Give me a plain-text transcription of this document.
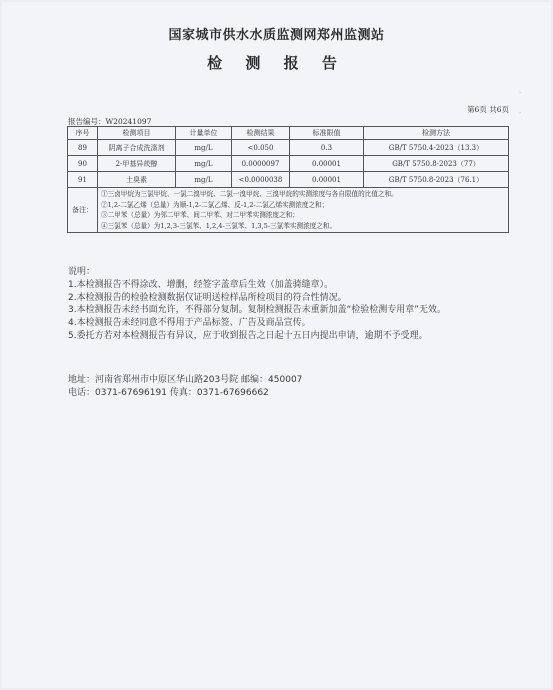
国家城市供水水质监测网郑州监测站
检 测 报 告
第6页 共6页
报告编号：W20241097
序号	检测项目	计量单位	检测结果	标准限值	检测方法
89	阴离子合成洗涤剂	mg/L	<0.050	0.3	GB/T 5750.4-2023（13.3）
90	2-甲基异莰醇	mg/L	0.0000097	0.00001	GB/T 5750.8-2023（77）
91	土臭素	mg/L	<0.0000038	0.00001	GB/T 5750.8-2023（76.1）
备注：	①三卤甲烷为三氯甲烷、一氯二溴甲烷、二氯一溴甲烷、三溴甲烷的实测浓度与各自限值的比值之和。
②1,2-二氯乙烯（总量）为顺-1,2-二氯乙烯、反-1,2-二氯乙烯实测浓度之和；
③二甲苯（总量）为邻二甲苯、间二甲苯、对二甲苯实测浓度之和；
④三氯苯（总量）为1,2,3-三氯苯、1,2,4-三氯苯、1,3,5-三氯苯实测浓度之和。				
说明：
1.本检测报告不得涂改、增删，经签字盖章后生效（加盖骑缝章）。
2.本检测报告的检验检测数据仅证明送检样品所检项目的符合性情况。
3.本检测报告未经书面允许，不得部分复制。复制检测报告未重新加盖“检验检测专用章”无效。
4.本检测报告未经同意不得用于产品标签、广告及商品宣传。
5.委托方若对本检测报告有异议，应于收到报告之日起十五日内提出申请，逾期不予受理。
地址：河南省郑州市中原区华山路203号院 邮编：450007
电话：0371-67696191 传真：0371-67696662
·
·
